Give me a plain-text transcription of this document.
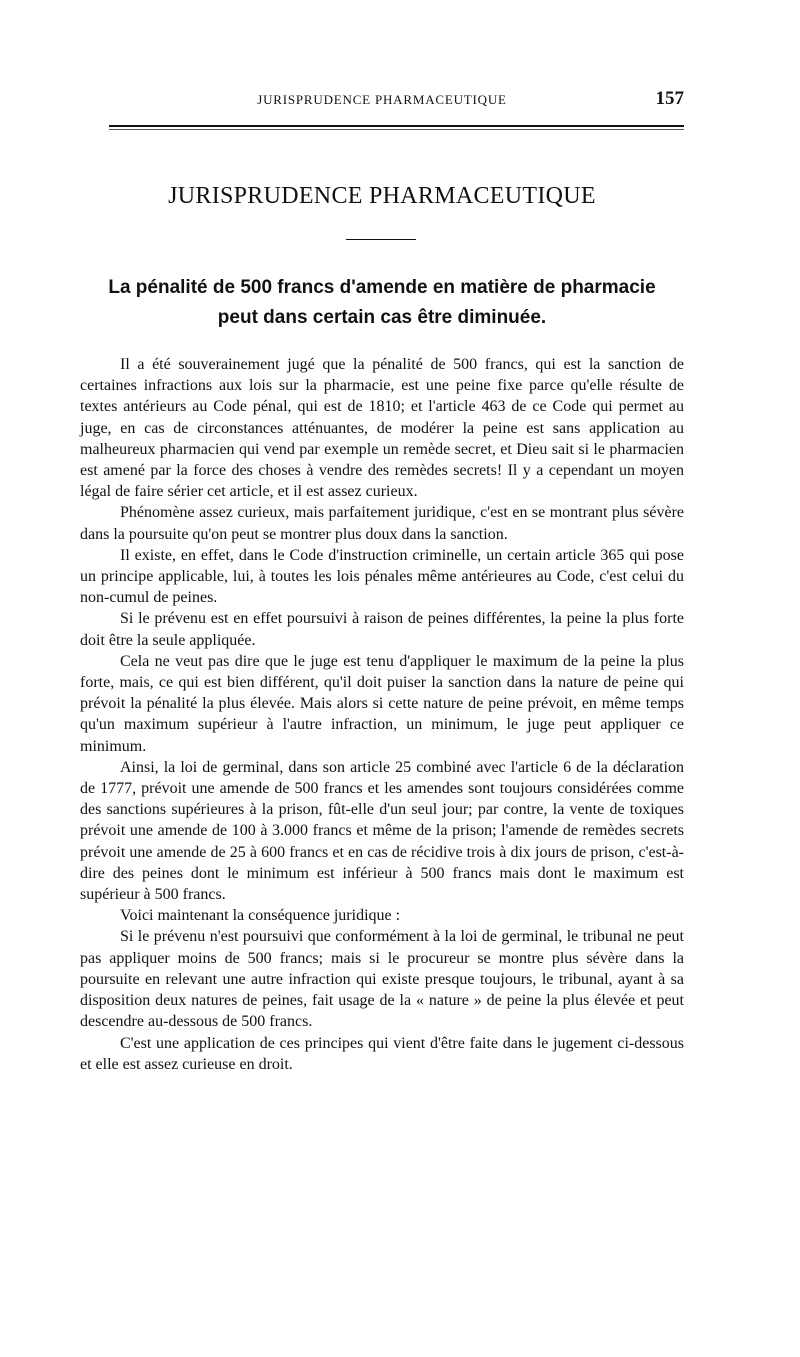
JURISPRUDENCE PHARMACEUTIQUE	157
JURISPRUDENCE PHARMACEUTIQUE
La pénalité de 500 francs d'amende en matière de pharmacie
peut dans certain cas être diminuée.

Il a été souverainement jugé que la pénalité de 500 francs, qui est la sanction de certaines infractions aux lois sur la pharmacie, est une peine fixe parce qu'elle résulte de textes antérieurs au Code pénal, qui est de 1810; et l'article 463 de ce Code qui permet au juge, en cas de circonstances atténuantes, de modérer la peine est sans application au malheureux pharmacien qui vend par exemple un remède secret, et Dieu sait si le pharmacien est amené par la force des choses à vendre des remèdes secrets! Il y a cependant un moyen légal de faire sérier cet article, et il est assez curieux.

Phénomène assez curieux, mais parfaitement juridique, c'est en se montrant plus sévère dans la poursuite qu'on peut se montrer plus doux dans la sanction.

Il existe, en effet, dans le Code d'instruction criminelle, un certain article 365 qui pose un principe applicable, lui, à toutes les lois pénales même antérieures au Code, c'est celui du non-cumul de peines.

Si le prévenu est en effet poursuivi à raison de peines différentes, la peine la plus forte doit être la seule appliquée.

Cela ne veut pas dire que le juge est tenu d'appliquer le maximum de la peine la plus forte, mais, ce qui est bien différent, qu'il doit puiser la sanction dans la nature de peine qui prévoit la pénalité la plus élevée. Mais alors si cette nature de peine prévoit, en même temps qu'un maximum supérieur à l'autre infraction, un minimum, le juge peut appliquer ce minimum.

Ainsi, la loi de germinal, dans son article 25 combiné avec l'article 6 de la déclaration de 1777, prévoit une amende de 500 francs et les amendes sont toujours considérées comme des sanctions supérieures à la prison, fût-elle d'un seul jour; par contre, la vente de toxiques prévoit une amende de 100 à 3.000 francs et même de la prison; l'amende de remèdes secrets prévoit une amende de 25 à 600 francs et en cas de récidive trois à dix jours de prison, c'est-à-dire des peines dont le minimum est inférieur à 500 francs mais dont le maximum est supérieur à 500 francs.

Voici maintenant la conséquence juridique :

Si le prévenu n'est poursuivi que conformément à la loi de germinal, le tribunal ne peut pas appliquer moins de 500 francs; mais si le procureur se montre plus sévère dans la poursuite en relevant une autre infraction qui existe presque toujours, le tribunal, ayant à sa disposition deux natures de peines, fait usage de la « nature » de peine la plus élevée et peut descendre au-dessous de 500 francs.

C'est une application de ces principes qui vient d'être faite dans le jugement ci-dessous et elle est assez curieuse en droit.
